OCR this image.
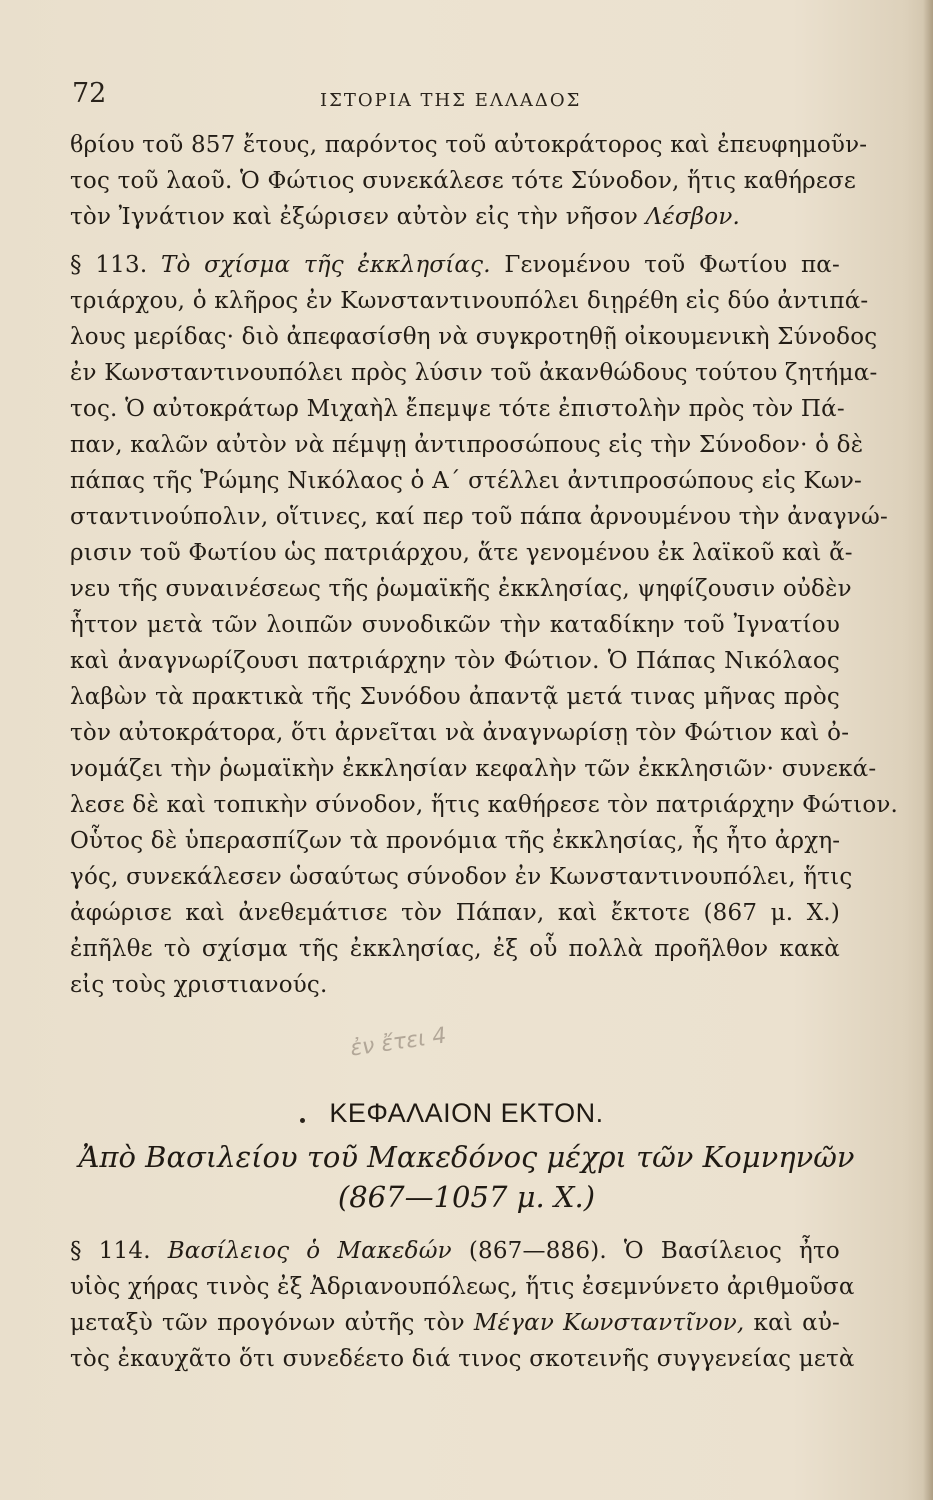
72	ΙΣΤΟΡΙΑ ΤΗΣ ΕΛΛΑΔΟΣ
ϐρίου τοῦ 857 ἔτους, παρόντος τοῦ αὐτοκράτορος καὶ ἐπευφημοῦν-
τος τοῦ λαοῦ. Ὁ Φώτιος συνεκάλεσε τότε Σύνοδον, ἥτις καθήρεσε
τὸν Ἰγνάτιον καὶ ἐξώρισεν αὐτὸν εἰς τὴν νῆσον Λέσβον.
§ 113. Τὸ σχίσμα τῆς ἐκκλησίας. Γενομένου τοῦ Φωτίου πα-
τριάρχου, ὁ κλῆρος ἐν Κωνσταντινουπόλει διῃρέθη εἰς δύο ἀντιπά-
λους μερίδας· διὸ ἀπεφασίσθη νὰ συγκροτηθῇ οἰκουμενικὴ Σύνοδος
ἐν Κωνσταντινουπόλει πρὸς λύσιν τοῦ ἀκανθώδους τούτου ζητήμα-
τος. Ὁ αὐτοκράτωρ Μιχαὴλ ἔπεμψε τότε ἐπιστολὴν πρὸς τὸν Πά-
παν, καλῶν αὐτὸν νὰ πέμψῃ ἀντιπροσώπους εἰς τὴν Σύνοδον· ὁ δὲ
πάπας τῆς Ῥώμης Νικόλαος ὁ Α΄ στέλλει ἀντιπροσώπους εἰς Κων-
σταντινούπολιν, οἵτινες, καί περ τοῦ πάπα ἀρνουμένου τὴν ἀναγνώ-
ρισιν τοῦ Φωτίου ὡς πατριάρχου, ἅτε γενομένου ἐκ λαϊκοῦ καὶ ἄ-
νευ τῆς συναινέσεως τῆς ῥωμαϊκῆς ἐκκλησίας, ψηφίζουσιν οὐδὲν
ἧττον μετὰ τῶν λοιπῶν συνοδικῶν τὴν καταδίκην τοῦ Ἰγνατίου
καὶ ἀναγνωρίζουσι πατριάρχην τὸν Φώτιον. Ὁ Πάπας Νικόλαος
λαβὼν τὰ πρακτικὰ τῆς Συνόδου ἀπαντᾷ μετά τινας μῆνας πρὸς
τὸν αὐτοκράτορα, ὅτι ἀρνεῖται νὰ ἀναγνωρίσῃ τὸν Φώτιον καὶ ὀ-
νομάζει τὴν ῥωμαϊκὴν ἐκκλησίαν κεφαλὴν τῶν ἐκκλησιῶν· συνεκά-
λεσε δὲ καὶ τοπικὴν σύνοδον, ἥτις καθήρεσε τὸν πατριάρχην Φώτιον.
Οὗτος δὲ ὑπερασπίζων τὰ προνόμια τῆς ἐκκλησίας, ἧς ἦτο ἀρχη-
γός, συνεκάλεσεν ὡσαύτως σύνοδον ἐν Κωνσταντινουπόλει, ἥτις
ἀφώρισε καὶ ἀνεθεμάτισε τὸν Πάπαν, καὶ ἔκτοτε (867 μ. Χ.)
ἐπῆλθε τὸ σχίσμα τῆς ἐκκλησίας, ἐξ οὗ πολλὰ προῆλθον κακὰ
εἰς τοὺς χριστιανούς.
ἐν ἔτει 4
ΚΕΦΑΛΑΙΟΝ ΕΚΤΟΝ.
Ἀπὸ Βασιλείου τοῦ Μακεδόνος μέχρι τῶν Κομνηνῶν
(867—1057 μ. Χ.)
§ 114. Βασίλειος ὁ Μακεδών (867—886). Ὁ Βασίλειος ἦτο
υἱὸς χήρας τινὸς ἐξ Ἀδριανουπόλεως, ἥτις ἐσεμνύνετο ἀριθμοῦσα
μεταξὺ τῶν προγόνων αὐτῆς τὸν Μέγαν Κωνσταντῖνον, καὶ αὐ-
τὸς ἐκαυχᾶτο ὅτι συνεδέετο διά τινος σκοτεινῆς συγγενείας μετὰ
